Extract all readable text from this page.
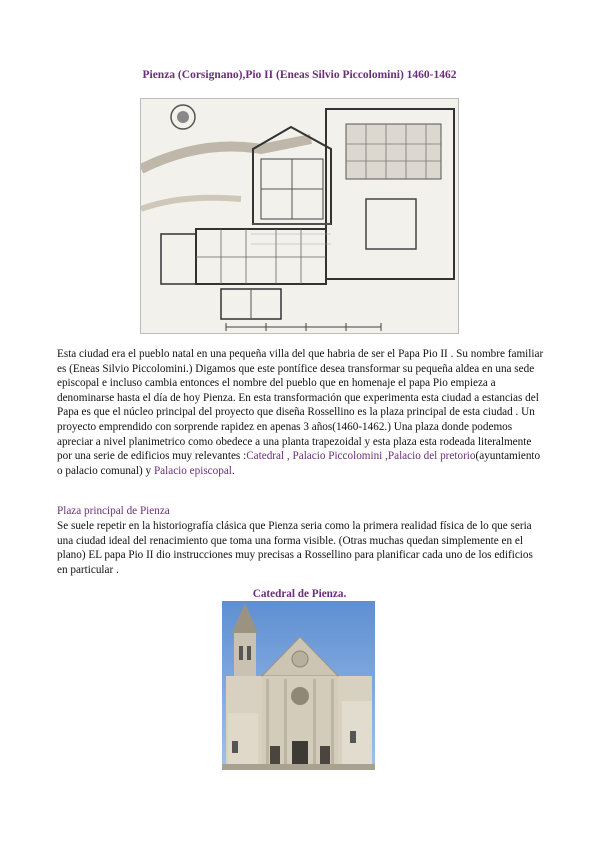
Pienza (Corsignano),Pio II (Eneas Silvio Piccolomini) 1460-1462
Esta ciudad era el pueblo natal en una pequeña villa del que habria de ser el Papa Pio II . Su nombre familiar es (Eneas Silvio Piccolomini.) Digamos que este pontífice desea transformar su pequeña aldea en una sede episcopal e incluso cambia entonces el nombre del pueblo que en homenaje el papa Pio empieza a denominarse hasta el día de hoy Pienza. En esta transformación que experimenta esta ciudad a estancias del Papa es que el núcleo principal del proyecto que diseña Rossellino es la plaza principal de esta ciudad . Un proyecto emprendido con sorprende rapidez en apenas 3 años(1460-1462.) Una plaza donde podemos apreciar a nivel planimetrico como obedece a una planta trapezoidal y esta plaza esta rodeada literalmente por una serie de edificios muy relevantes :Catedral , Palacio Piccolomini ,Palacio del pretorio(ayuntamiento o palacio comunal) y Palacio episcopal.
Plaza principal de Pienza
Se suele repetir en la historiografía clásica que Pienza seria como la primera realidad física de lo que seria una ciudad ideal del renacimiento que toma una forma visible. (Otras muchas quedan simplemente en el plano) EL papa Pio II dio instrucciones muy precisas a Rossellino para planificar cada uno de los edificios en particular .
Catedral de Pienza.
